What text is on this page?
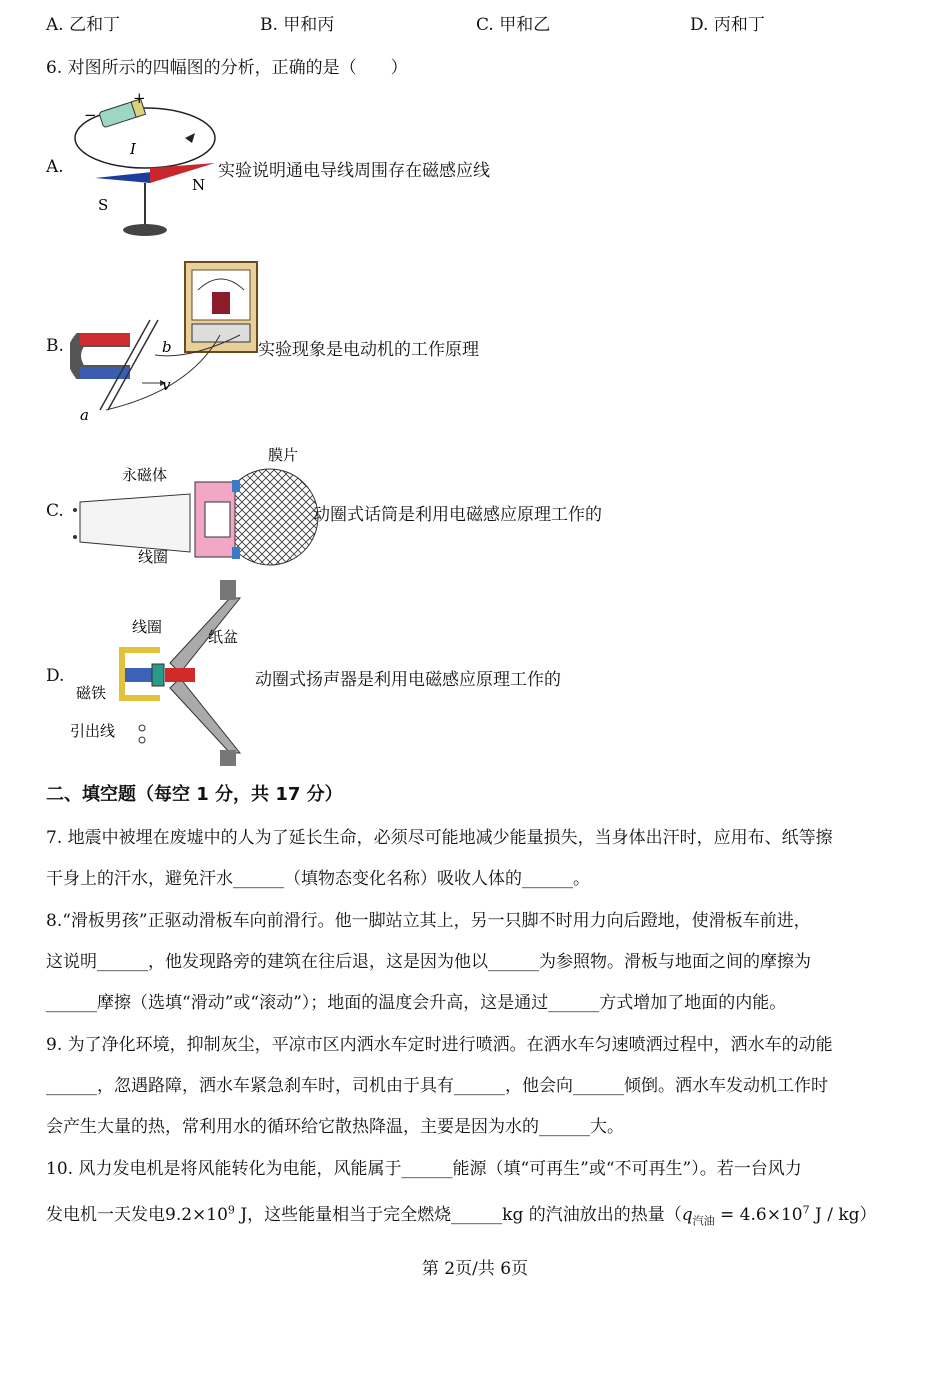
A. 乙和丁	B. 甲和丙	C. 甲和乙	D. 丙和丁
6. 对图所示的四幅图的分析，正确的是（　　）
A.
−
+
I
S
N
实验说明通电导线周围存在磁感应线
B.	b
a
v
实验现象是电动机的工作原理
C.
永磁体
膜片
线圈
动圈式话筒是利用电磁感应原理工作的
D.
线圈
纸盆
磁铁
引出线
动圈式扬声器是利用电磁感应原理工作的
二、填空题（每空 1 分，共 17 分）
7. 地震中被埋在废墟中的人为了延长生命，必须尽可能地减少能量损失，当身体出汗时，应用布、纸等擦
干身上的汗水，避免汗水______（填物态变化名称）吸收人体的______。
8.“滑板男孩”正驱动滑板车向前滑行。他一脚站立其上，另一只脚不时用力向后蹬地，使滑板车前进，
这说明______，他发现路旁的建筑在往后退，这是因为他以______为参照物。滑板与地面之间的摩擦为
______摩擦（选填“滑动”或“滚动”）；地面的温度会升高，这是通过______方式增加了地面的内能。
9. 为了净化环境，抑制灰尘，平凉市区内洒水车定时进行喷洒。在洒水车匀速喷洒过程中，洒水车的动能
______，忽遇路障，洒水车紧急刹车时，司机由于具有______，他会向______倾倒。洒水车发动机工作时
会产生大量的热，常利用水的循环给它散热降温，主要是因为水的______大。
10. 风力发电机是将风能转化为电能，风能属于______能源（填“可再生”或“不可再生”）。若一台风力
发电机一天发电$9.2\times 10^9$ J，这些能量相当于完全燃烧______kg 的汽油放出的热量（$q_{汽油} = 4.6\times 10^7$ J / kg）
第 2页/共 6页
